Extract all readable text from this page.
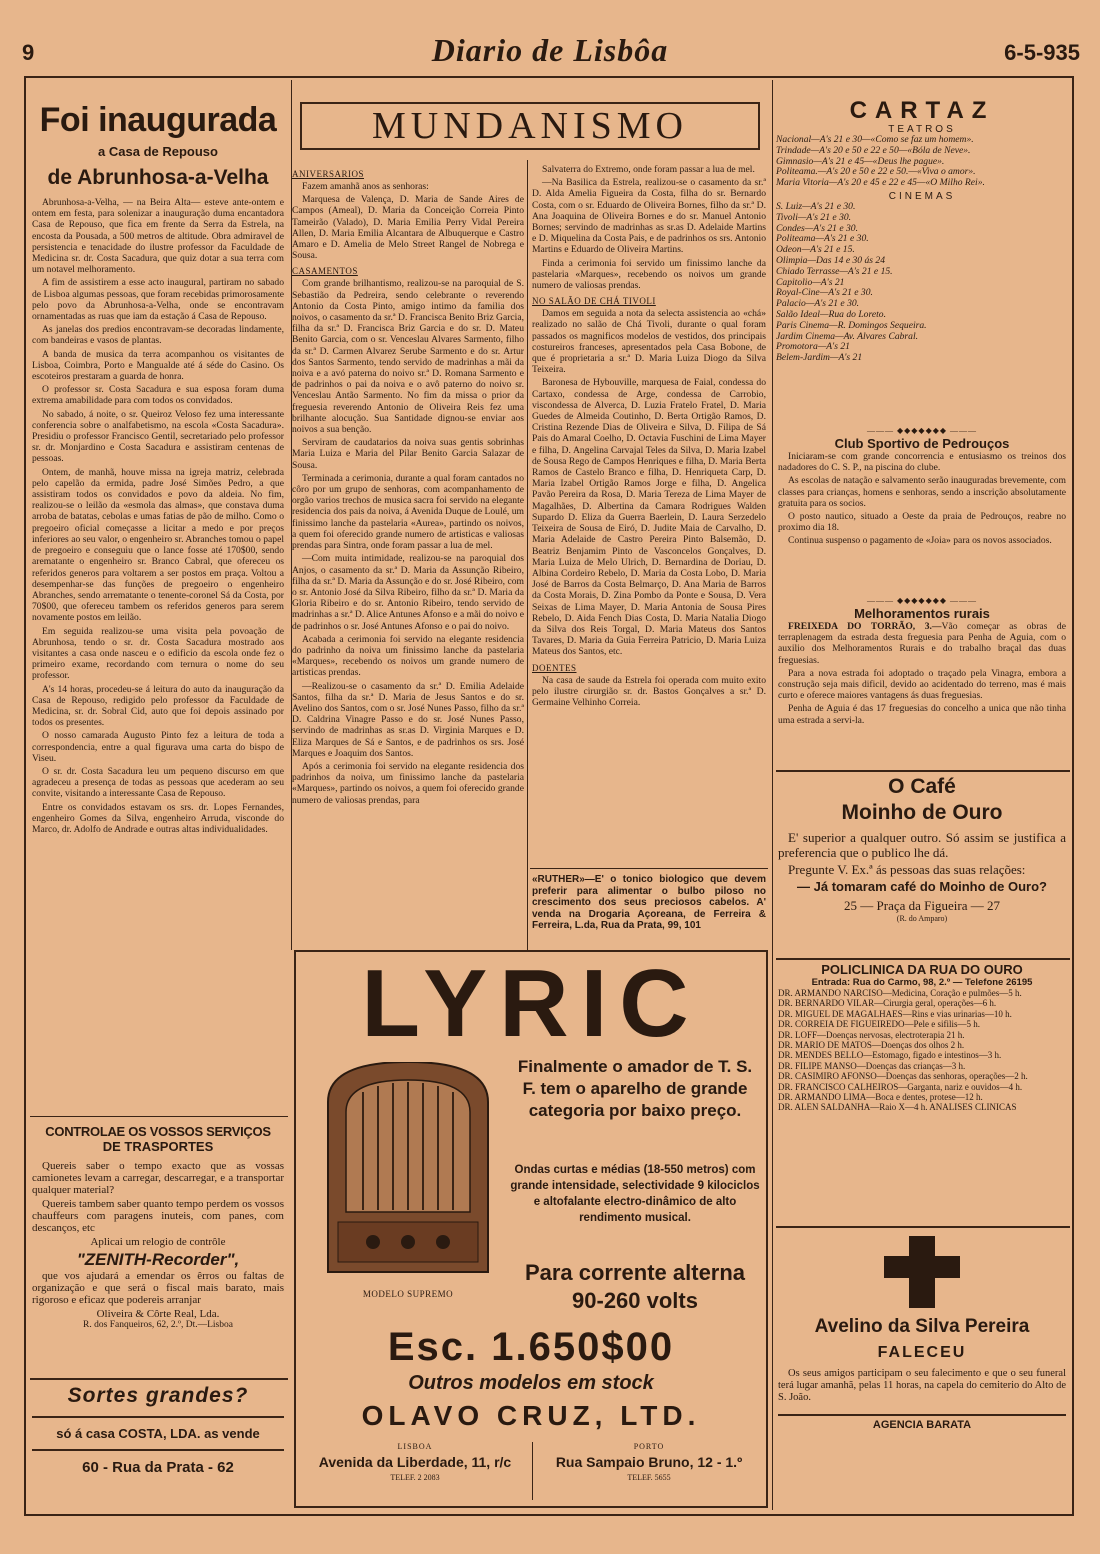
9	Diario de Lisbôa	6-5-935
Foi inaugurada
a Casa de Repouso
de Abrunhosa-a-Velha

Abrunhosa-a-Velha, — na Beira Alta— esteve ante-ontem e ontem em festa, para solenizar a inauguração duma encantadora Casa de Repouso, que fica em frente da Serra da Estrela, na encosta da Pousada, a 500 metros de altitude. Obra admiravel de persistencia e tenacidade do ilustre professor da Faculdade de Medicina sr. dr. Costa Sacadura, que quiz dotar a sua terra com um notavel melhoramento.

A fim de assistirem a esse acto inaugural, partiram no sabado de Lisboa algumas pessoas, que foram recebidas primorosamente pelo povo da Abrunhosa-a-Velha, onde se encontravam ornamentadas as ruas que iam da estação á Casa de Repouso.

As janelas dos predios encontravam-se decoradas lindamente, com bandeiras e vasos de plantas.

A banda de musica da terra acompanhou os visitantes de Lisboa, Coimbra, Porto e Mangualde até á séde do Casino. Os escoteiros prestaram a guarda de honra.

O professor sr. Costa Sacadura e sua esposa foram duma extrema amabilidade para com todos os convidados.

No sabado, á noite, o sr. Queiroz Veloso fez uma interessante conferencia sobre o analfabetismo, na escola «Costa Sacadura». Presidiu o professor Francisco Gentil, secretariado pelo professor sr. dr. Monjardino e Costa Sacadura e assistiram centenas de pessoas.

Ontem, de manhã, houve missa na igreja matriz, celebrada pelo capelão da ermida, padre José Simões Pedro, a que assistiram todos os convidados e povo da aldeia. No fim, realizou-se o leilão da «esmola das almas», que constava duma arroba de batatas, cebolas e umas fatias de pão de milho. Como o pregoeiro oficial começasse a licitar a medo e por preços inferiores ao seu valor, o engenheiro sr. Abranches tomou o papel de pregoeiro e conseguiu que o lance fosse até 170$00, sendo arematante o engenheiro sr. Branco Cabral, que ofereceu os referidos generos para voltarem a ser postos em praça. Voltou a desempenhar-se das funções de pregoeiro o engenheiro Abranches, sendo arrematante o tenente-coronel Sá da Costa, por 70$00, que ofereceu tambem os referidos generos para serem novamente postos em leilão.

Em seguida realizou-se uma visita pela povoação de Abrunhosa, tendo o sr. dr. Costa Sacadura mostrado aos visitantes a casa onde nasceu e o edificio da escola onde fez o primeiro exame, recordando com ternura o nome do seu professor.

A's 14 horas, procedeu-se á leitura do auto da inauguração da Casa de Repouso, redigido pelo professor da Faculdade de Medicina, sr. dr. Sobral Cid, auto que foi depois assinado por todos os presentes.

O nosso camarada Augusto Pinto fez a leitura de toda a correspondencia, entre a qual figurava uma carta do bispo de Viseu.

O sr. dr. Costa Sacadura leu um pequeno discurso em que agradeceu a presença de todas as pessoas que acederam ao seu convite, visitando a interessante Casa de Repouso.

Entre os convidados estavam os srs. dr. Lopes Fernandes, engenheiro Gomes da Silva, engenheiro Arruda, visconde do Marco, dr. Adolfo de Andrade e outras altas individualidades.

CONTROLAE OS VOSSOS SERVIÇOS
DE TRASPORTES

Quereis saber o tempo exacto que as vossas camionetes levam a carregar, descarregar, e a transportar qualquer material?

Quereis tambem saber quanto tempo perdem os vossos chauffeurs com paragens inuteis, com panes, com descanços, etc

Aplicai um relogio de contrôle

"ZENITH-Recorder",

que vos ajudará a emendar os êrros ou faltas de organização e que será o fiscal mais barato, mais rigoroso e eficaz que podereis arranjar

Oliveira & Côrte Real, Lda.
R. dos Fanqueiros, 62, 2.º, Dt.—Lisboa
Sortes grandes?
só á casa COSTA, LDA. as vende
60 - Rua da Prata - 62
MUNDANISMO
ANIVERSARIOS

Fazem amanhã anos as senhoras:

Marquesa de Valença, D. Maria de Sande Aires de Campos (Ameal), D. Maria da Conceição Correia Pinto Tameirão (Valado), D. Maria Emilia Perry Vidal Pereira Allen, D. Maria Emilia Alcantara de Albuquerque e Castro Amaro e D. Amelia de Melo Street Rangel de Nobrega e Sousa.

CASAMENTOS

Com grande brilhantismo, realizou-se na paroquial de S. Sebastião da Pedreira, sendo celebrante o reverendo Antonio da Costa Pinto, amigo intimo da familia dos noivos, o casamento da sr.ª D. Francisca Benito Briz Garcia, filha da sr.ª D. Francisca Briz Garcia e do sr. D. Mateu Benito Garcia, com o sr. Venceslau Alvares Sarmento, filho da sr.ª D. Carmen Alvarez Serube Sarmento e do sr. Artur dos Santos Sarmento, tendo servido de madrinhas a mãi da noiva e a avó paterna do noivo sr.ª D. Romana Sarmento e de padrinhos o pai da noiva e o avô paterno do noivo sr. Venceslau Antão Sarmento. No fim da missa o prior da freguesia reverendo Antonio de Oliveira Reis fez uma brilhante alocução. Sua Santidade dignou-se enviar aos noivos a sua benção.

Serviram de caudatarios da noiva suas gentis sobrinhas Maria Luiza e Maria del Pilar Benito Garcia Salazar de Sousa.

Terminada a cerimonia, durante a qual foram cantados no côro por um grupo de senhoras, com acompanhamento de orgão varios trechos de musica sacra foi servido na elegante residencia dos pais da noiva, á Avenida Duque de Loulé, um finissimo lanche da pastelaria «Aurea», partindo os noivos, a quem foi oferecido grande numero de artisticas e valiosas prendas para Sintra, onde foram passar a lua de mel.

—Com muita intimidade, realizou-se na paroquial dos Anjos, o casamento da sr.ª D. Maria da Assunção Ribeiro, filha da sr.ª D. Maria da Assunção e do sr. José Ribeiro, com o sr. Antonio José da Silva Ribeiro, filho da sr.ª D. Maria da Gloria Ribeiro e do sr. Antonio Ribeiro, tendo servido de madrinhas a sr.ª D. Alice Antunes Afonso e a mãi do noivo e de padrinhos o sr. José Antunes Afonso e o pai do noivo.

Acabada a cerimonia foi servido na elegante residencia do padrinho da noiva um finissimo lanche da pastelaria «Marques», recebendo os noivos um grande numero de artisticas prendas.

—Realizou-se o casamento da sr.ª D. Emilia Adelaide Santos, filha da sr.ª D. Maria de Jesus Santos e do sr. Avelino dos Santos, com o sr. José Nunes Passo, filho da sr.ª D. Caldrina Vinagre Passo e do sr. José Nunes Passo, servindo de madrinhas as sr.as D. Virginia Marques e D. Eliza Marques de Sá e Santos, e de padrinhos os srs. José Marques e Joaquim dos Santos.

Após a cerimonia foi servido na elegante residencia dos padrinhos da noiva, um finissimo lanche da pastelaria «Marques», partindo os noivos, a quem foi oferecido grande numero de valiosas prendas, para

Salvaterra do Extremo, onde foram passar a lua de mel.

—Na Basilica da Estrela, realizou-se o casamento da sr.ª D. Alda Amelia Figueira da Costa, filha do sr. Bernardo Costa, com o sr. Eduardo de Oliveira Bornes, filho da sr.ª D. Ana Joaquina de Oliveira Bornes e do sr. Manuel Antonio Bornes; servindo de madrinhas as sr.as D. Adelaide Martins e D. Miquelina da Costa Pais, e de padrinhos os srs. Antonio Martins e Eduardo de Oliveira Martins.

Finda a cerimonia foi servido um finissimo lanche da pastelaria «Marques», recebendo os noivos um grande numero de valiosas prendas.

NO SALÃO DE CHÁ TIVOLI

Damos em seguida a nota da selecta assistencia ao «chá» realizado no salão de Chá Tivoli, durante o qual foram passados os magnificos modelos de vestidos, dos principais costureiros franceses, apresentados pela Casa Bobone, de que é proprietaria a sr.ª D. Maria Luiza Diogo da Silva Teixeira.

Baronesa de Hybouville, marquesa de Faial, condessa do Cartaxo, condessa de Arge, condessa de Carrobio, viscondessa de Alverca, D. Luzia Fratelo Fratel, D. Maria Guedes de Almeida Coutinho, D. Berta Ortigão Ramos, D. Cristina Rezende Dias de Oliveira e Silva, D. Filipa de Sá Pais do Amaral Coelho, D. Octavia Fuschini de Lima Mayer e filha, D. Angelina Carvajal Teles da Silva, D. Maria Izabel de Sousa Rego de Campos Henriques e filha, D. Maria Berta Ramos de Castelo Branco e filha, D. Henriqueta Carp, D. Maria Izabel Ortigão Ramos Jorge e filha, D. Angelica Pavão Pereira da Rosa, D. Maria Tereza de Lima Mayer de Magalhães, D. Albertina da Camara Rodrigues Walden Supardo D. Eliza da Guerra Baerlein, D. Laura Serzedelo Teixeira de Sousa de Eiró, D. Judite Maia de Carvalho, D. Maria Adelaide de Castro Pereira Pinto Balsemão, D. Beatriz Benjamim Pinto de Vasconcelos Gonçalves, D. Maria Luiza de Melo Ulrich, D. Bernardina de Doriau, D. Albina Cordeiro Rebelo, D. Maria da Costa Lobo, D. Maria José de Barros da Costa Belmarço, D. Ana Maria de Barros da Costa Morais, D. Zina Pombo da Ponte e Sousa, D. Vera Seixas de Lima Mayer, D. Maria Antonia de Sousa Pires Rebelo, D. Aida Fench Dias Costa, D. Maria Natalia Diogo da Silva dos Reis Torgal, D. Maria Mateus dos Santos Tavares, D. Maria da Guia Ferreira Patricio, D. Maria Luiza Mateus dos Santos, etc.

DOENTES

Na casa de saude da Estrela foi operada com muito exito pelo ilustre cirurgião sr. dr. Bastos Gonçalves a sr.ª D. Germaine Velhinho Correia.

«RUTHER»—E' o tonico biologico que devem preferir para alimentar o bulbo piloso no crescimento dos seus preciosos cabelos. A' venda na Drogaria Açoreana, de Ferreira & Ferreira, L.da, Rua da Prata, 99, 101

LYRIC
MODELO SUPREMO
Finalmente o amador de T. S. F. tem o aparelho de grande categoria por baixo preço.
Ondas curtas e médias (18-550 metros) com grande intensidade, selectividade 9 kilociclos e altofalante electro-dinâmico de alto rendimento musical.
Para corrente alterna
90-260 volts
Esc. 1.650$00
Outros modelos em stock
OLAVO CRUZ, LTD.
LISBOA
Avenida da Liberdade, 11, r/c
TELEF. 2 2083
PORTO
Rua Sampaio Bruno, 12 - 1.º
TELEF. 5655
CARTAZ
TEATROS
Nacional—A's 21 e 30—«Como se faz um homem».
Trindade—A's 20 e 50 e 22 e 50—«Bóla de Neve».
Gimnasio—A's 21 e 45—«Deus lhe pague».
Politeama.—A's 20 e 50 e 22 e 50.—«Viva o amor».
Maria Vitoria—A's 20 e 45 e 22 e 45—«O Milho Rei».
CINEMAS
S. Luiz—A's 21 e 30.
Tivoli—A's 21 e 30.
Condes—A's 21 e 30.
Politeama—A's 21 e 30.
Odeon—A's 21 e 15.
Olimpia—Das 14 e 30 ás 24
Chiado Terrasse—A's 21 e 15.
Capitolio—A's 21
Royal-Cine—A's 21 e 30.
Palacio—A's 21 e 30.
Salão Ideal—Rua do Loreto.
Paris Cinema—R. Domingos Sequeira.
Jardim Cinema—Av. Alvares Cabral.
Promotora—A's 21
Belem-Jardim—A's 21
——— ◆◆◆◆◆◆◆ ———
Club Sportivo de Pedrouços

Iniciaram-se com grande concorrencia e entusiasmo os treinos dos nadadores do C. S. P., na piscina do clube.

As escolas de natação e salvamento serão inauguradas brevemente, com classes para crianças, homens e senhoras, sendo a inscrição absolutamente gratuita para os socios.

O posto nautico, situado a Oeste da praia de Pedrouços, reabre no proximo dia 18.

Continua suspenso o pagamento de «Joia» para os novos associados.

——— ◆◆◆◆◆◆◆ ———
Melhoramentos rurais

FREIXEDA DO TORRÃO, 3.—Vão começar as obras de terraplenagem da estrada desta freguesia para Penha de Aguia, com o auxilio dos Melhoramentos Rurais e do trabalho braçal das duas freguesias.

Para a nova estrada foi adoptado o traçado pela Vinagra, embora a construção seja mais dificil, devido ao acidentado do terreno, mas é mais curto e oferece maiores vantagens ás duas freguesias.

Penha de Aguia é das 17 freguesias do concelho a unica que não tinha uma estrada a servi-la.

O Café
Moinho de Ouro

E' superior a qualquer outro. Só assim se justifica a preferencia que o publico lhe dá.

Pregunte V. Ex.ª ás pessoas das suas relações:

— Já tomaram café do Moinho de Ouro?
25 — Praça da Figueira — 27
(R. do Amparo)
POLICLINICA DA RUA DO OURO
Entrada: Rua do Carmo, 98, 2.º — Telefone 26195
DR. ARMANDO NARCISO—Medicina, Coração e pulmões—5 h.
DR. BERNARDO VILAR—Cirurgia geral, operações—6 h.
DR. MIGUEL DE MAGALHAES—Rins e vias urinarias—10 h.
DR. CORREIA DE FIGUEIREDO—Pele e sifilis—5 h.
DR. LOFF—Doenças nervosas, electroterapia 21 h.
DR. MARIO DE MATOS—Doenças dos olhos 2 h.
DR. MENDES BELLO—Estomago, figado e intestinos—3 h.
DR. FILIPE MANSO—Doenças das crianças—3 h.
DR. CASIMIRO AFONSO—Doenças das senhoras, operações—2 h.
DR. FRANCISCO CALHEIROS—Garganta, nariz e ouvidos—4 h.
DR. ARMANDO LIMA—Boca e dentes, protese—12 h.
DR. ALEN SALDANHA—Raio X—4 h. ANALISES CLINICAS
Avelino da Silva Pereira
FALECEU

Os seus amigos participam o seu falecimento e que o seu funeral terá lugar amanhã, pelas 11 horas, na capela do cemiterio do Alto de S. João.

AGENCIA BARATA
